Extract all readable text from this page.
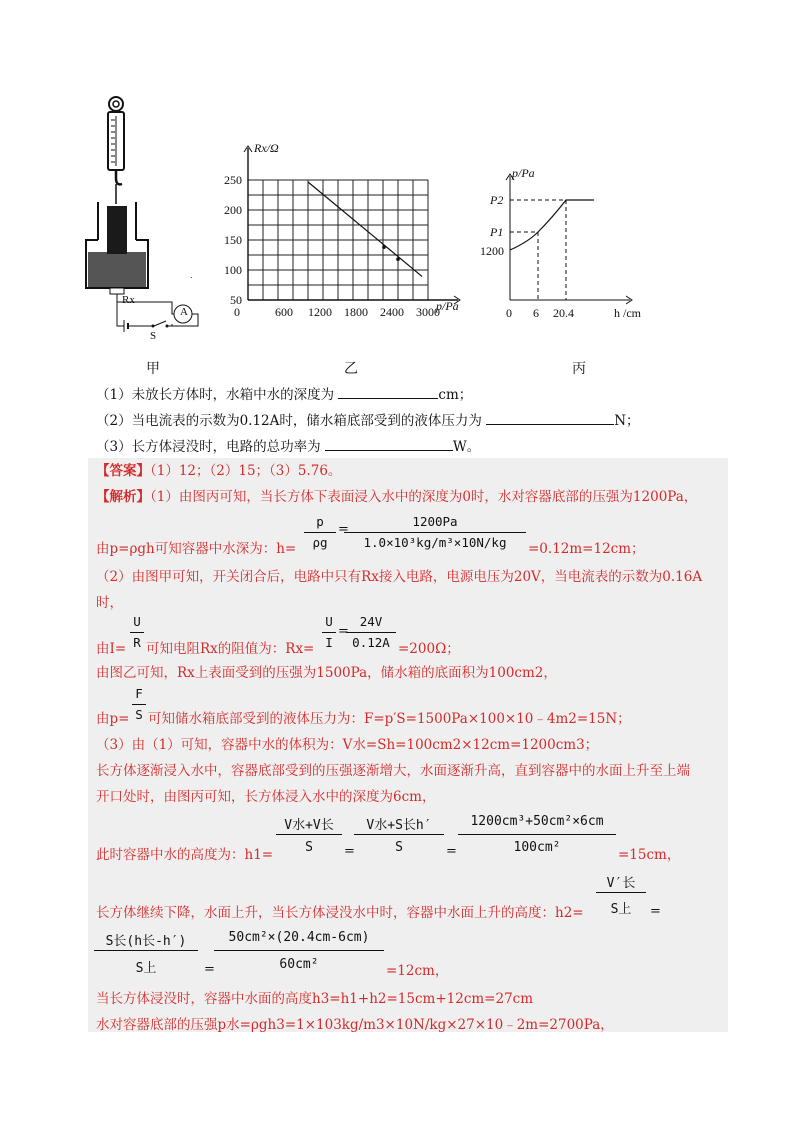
.
Rx
S
A
250
200
150
100
50
0	600 1200 1800 2400 3000
Rx/Ω
p/Pa
p/Pa
P2
P1
1200
0 6 20.4	h /cm
甲	乙	丙
（1）未放长方体时，水箱中水的深度为	cm；
（2）当电流表的示数为0.12A时，储水箱底部受到的液体压力为	N；
（3）长方体浸没时，电路的总功率为	W。
【答案】（1）12；（2）15；（3）5.76。
【解析】（1）由图丙可知，当长方体下表面浸入水中的深度为0时，水对容器底部的压强为1200Pa，
由p=ρgh可知容器中水深为：h=
p
ρg
=
1200Pa
1.0×10³kg/m³×10N/kg	=0.12m=12cm；
（2）由图甲可知，开关闭合后，电路中只有Rx接入电路，电源电压为20V，当电流表的示数为0.16A
时，
由I=
U
R 可知电阻Rx的阻值为：Rx=
U
I
=
24V
0.12A =200Ω；
由图乙可知，Rx上表面受到的压强为1500Pa，储水箱的底面积为100cm2，
由p=
F
S 可知储水箱底部受到的液体压力为：F=p′S=1500Pa×100×10﹣4m2=15N；
（3）由（1）可知，容器中水的体积为：V水=Sh=100cm2×12cm=1200cm3；
长方体逐渐浸入水中，容器底部受到的压强逐渐增大，水面逐渐升高，直到容器中的水面上升至上端
开口处时，由图丙可知，长方体浸入水中的深度为6cm，
此时容器中水的高度为：h1=
V水+V长
S	=
V水+S长h′
S	=
1200cm³+50cm²×6cm
100cm²	=15cm，
长方体继续下降，水面上升，当长方体浸没水中时，容器中水面上升的高度：h2=
V′长
S上	=
S长(h长-h′)
S上	=
50cm²×(20.4cm-6cm)
60cm²	=12cm，
当长方体浸没时，容器中水面的高度h3=h1+h2=15cm+12cm=27cm
水对容器底部的压强p水=ρgh3=1×103kg/m3×10N/kg×27×10﹣2m=2700Pa，
